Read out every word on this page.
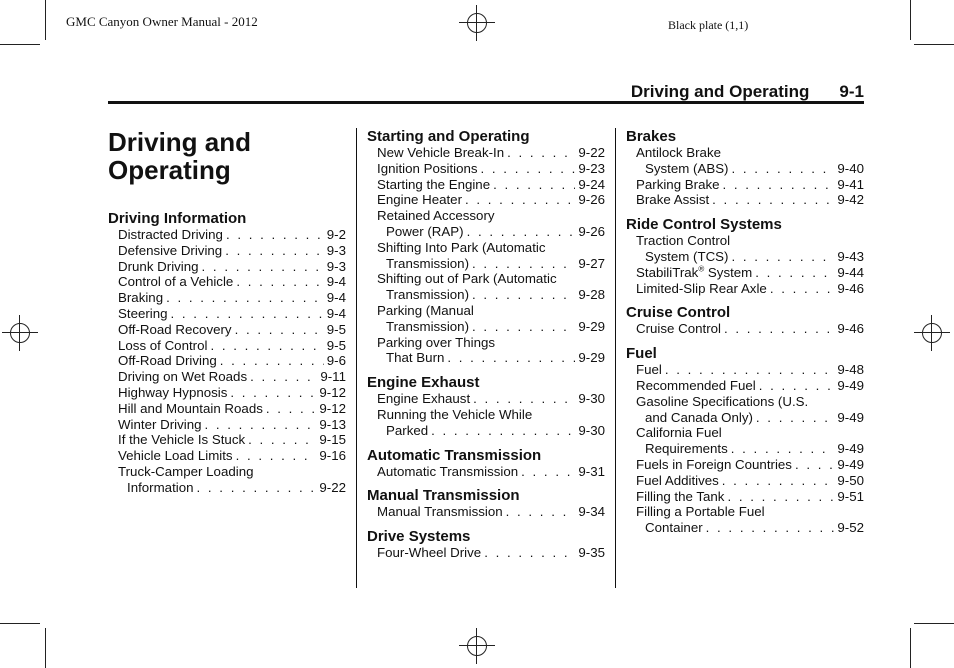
GMC Canyon Owner Manual - 2012	Black plate (1,1)
Driving and Operating 9-1
Driving and Operating
Driving Information
Distracted Driving . . .	9-2
Defensive Driving . . .	9-3
Drunk Driving . . .	9-3
Control of a Vehicle . . .	9-4
Braking . . .	9-4
Steering . . .	9-4
Off-Road Recovery . . .	9-5
Loss of Control . . .	9-5
Off-Road Driving . . .	9-6
Driving on Wet Roads . . .	9-11
Highway Hypnosis . . .	9-12
Hill and Mountain Roads . . .	9-12
Winter Driving . . .	9-13
If the Vehicle Is Stuck . . .	9-15
Vehicle Load Limits . . .	9-16
Truck-Camper Loading
Information . . .	9-22
Starting and Operating
New Vehicle Break-In . . .	9-22
Ignition Positions . . .	9-23
Starting the Engine . . .	9-24
Engine Heater . . .	9-26
Retained Accessory
Power (RAP) . . .	9-26
Shifting Into Park (Automatic
Transmission) . . .	9-27
Shifting out of Park (Automatic
Transmission) . . .	9-28
Parking (Manual
Transmission) . . .	9-29
Parking over Things
That Burn . . .	9-29
Engine Exhaust
Engine Exhaust . . .	9-30
Running the Vehicle While
Parked . . .	9-30
Automatic Transmission
Automatic Transmission . . .	9-31
Manual Transmission
Manual Transmission . . .	9-34
Drive Systems
Four-Wheel Drive . . .	9-35
Brakes
Antilock Brake
System (ABS) . . .	9-40
Parking Brake . . .	9-41
Brake Assist . . .	9-42
Ride Control Systems
Traction Control
System (TCS) . . .	9-43
StabiliTrak® System . . .	9-44
Limited-Slip Rear Axle . . .	9-46
Cruise Control
Cruise Control . . .	9-46
Fuel
Fuel . . .	9-48
Recommended Fuel . . .	9-49
Gasoline Specifications (U.S.
and Canada Only) . . .	9-49
California Fuel
Requirements . . .	9-49
Fuels in Foreign Countries . . .	9-49
Fuel Additives . . .	9-50
Filling the Tank . . .	9-51
Filling a Portable Fuel
Container . . .	9-52
